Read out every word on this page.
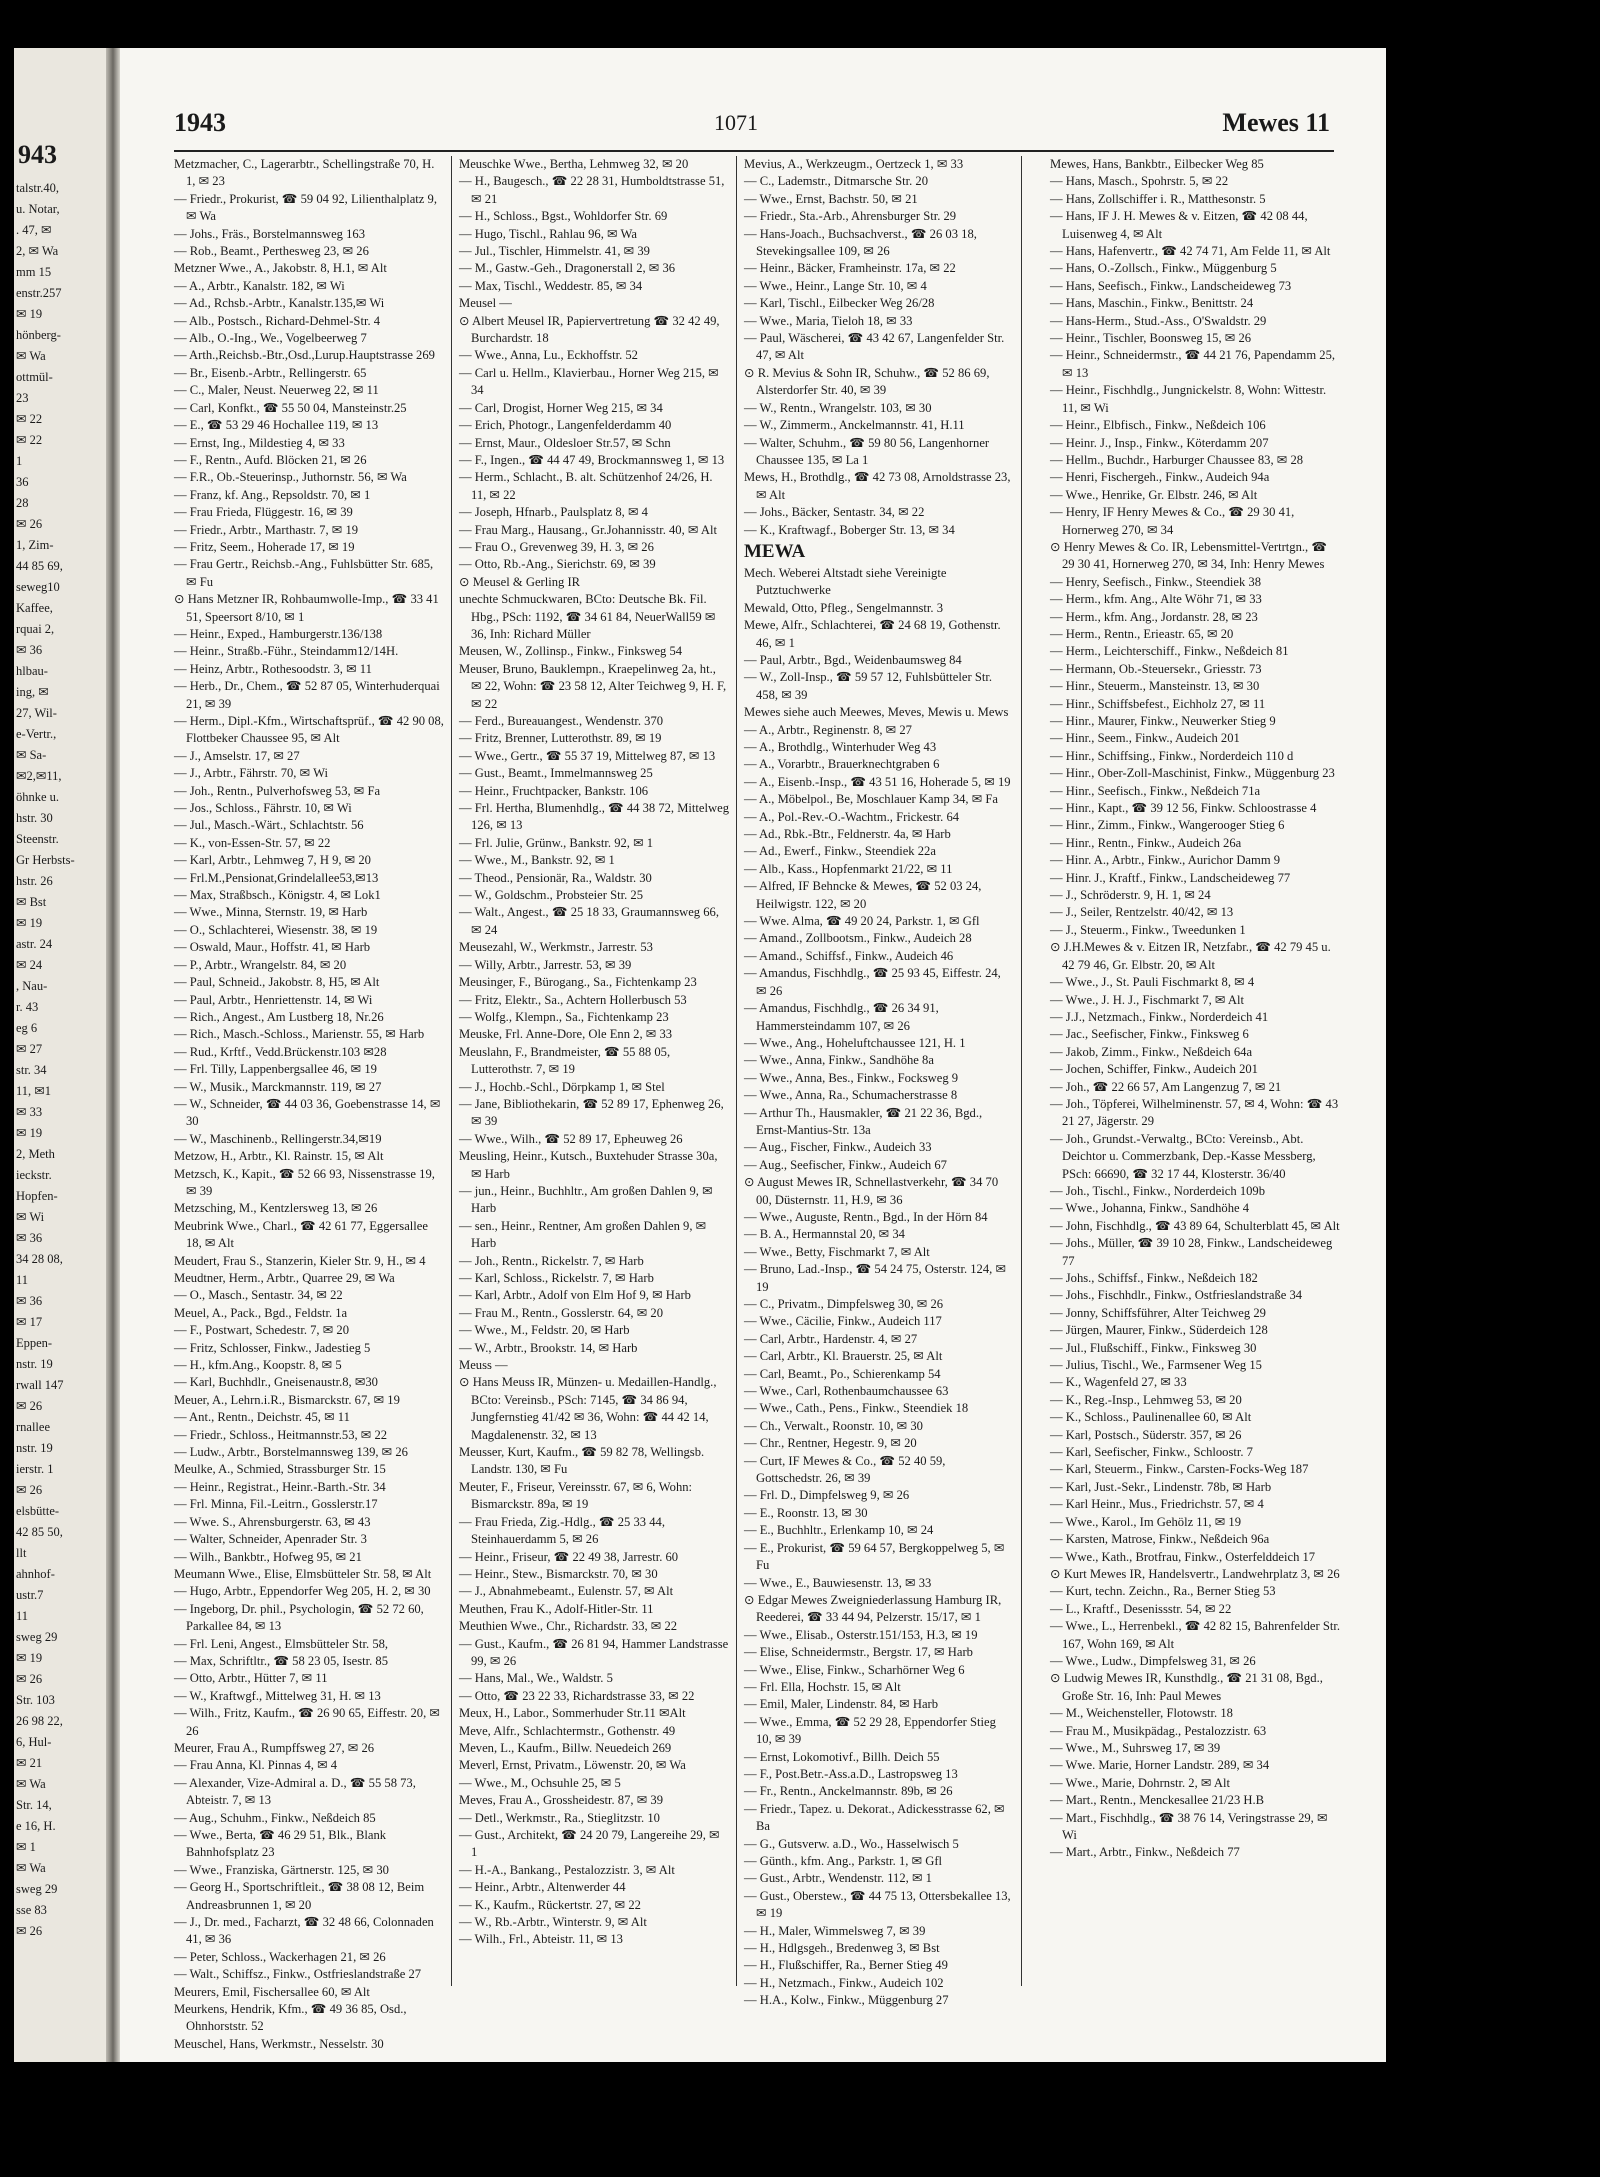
943
talstr.40,
u. Notar,
. 47, ✉
2, ✉ Wa
mm 15
enstr.257
✉ 19
hönberg-
✉ Wa
ottmül-
23
✉ 22
✉ 22
1
36
28
✉ 26
1, Zim-
44 85 69,
seweg10
Kaffee,
rquai 2,
✉ 36
hlbau-
ing, ✉
27, Wil-
e-Vertr.,
✉ Sa-
✉2,✉11,
öhnke u.
hstr. 30
Steenstr.
Gr Herbsts-
hstr. 26
✉ Bst
✉ 19
astr. 24
✉ 24
, Nau-
r. 43
eg 6
✉ 27
str. 34
11, ✉1
✉ 33
✉ 19
2, Meth
ieckstr.
Hopfen-
✉ Wi
✉ 36
34 28 08,
11
✉ 36
✉ 17
Eppen-
nstr. 19
rwall 147
✉ 26
rnallee
nstr. 19
ierstr. 1
✉ 26
elsbütte-
42 85 50,
llt
ahnhof-
ustr.7
11
sweg 29
✉ 19
✉ 26
Str. 103
26 98 22,
6, Hul-
✉ 21
✉ Wa
Str. 14,
e 16, H.
✉ 1
✉ Wa
sweg 29
sse 83
✉ 26
1943	1071	Mewes 11

Metzmacher, C., Lagerarbtr., Schellingstraße 70, H. 1, ✉ 23

— Friedr., Prokurist, ☎ 59 04 92, Lilienthalplatz 9, ✉ Wa

— Johs., Fräs., Borstelmannsweg 163

— Rob., Beamt., Perthesweg 23, ✉ 26

Metzner Wwe., A., Jakobstr. 8, H.1, ✉ Alt

— A., Arbtr., Kanalstr. 182, ✉ Wi

— Ad., Rchsb.-Arbtr., Kanalstr.135,✉ Wi

— Alb., Postsch., Richard-Dehmel-Str. 4

— Alb., O.-Ing., We., Vogelbeerweg 7

— Arth.,Reichsb.-Btr.,Osd.,Lurup.Hauptstrasse 269

— Br., Eisenb.-Arbtr., Rellingerstr. 65

— C., Maler, Neust. Neuerweg 22, ✉ 11

— Carl, Konfkt., ☎ 55 50 04, Mansteinstr.25

— E., ☎ 53 29 46 Hochallee 119, ✉ 13

— Ernst, Ing., Mildestieg 4, ✉ 33

— F., Rentn., Aufd. Blöcken 21, ✉ 26

— F.R., Ob.-Steuerinsp., Juthornstr. 56, ✉ Wa

— Franz, kf. Ang., Repsoldstr. 70, ✉ 1

— Frau Frieda, Flüggestr. 16, ✉ 39

— Friedr., Arbtr., Marthastr. 7, ✉ 19

— Fritz, Seem., Hoherade 17, ✉ 19

— Frau Gertr., Reichsb.-Ang., Fuhlsbütter Str. 685, ✉ Fu

⊙ Hans Metzner IR, Rohbaumwolle-Imp., ☎ 33 41 51, Speersort 8/10, ✉ 1

— Heinr., Exped., Hamburgerstr.136/138

— Heinr., Straßb.-Führ., Steindamm12/14H.

— Heinz, Arbtr., Rothesoodstr. 3, ✉ 11

— Herb., Dr., Chem., ☎ 52 87 05, Winterhuderquai 21, ✉ 39

— Herm., Dipl.-Kfm., Wirtschaftsprüf., ☎ 42 90 08, Flottbeker Chaussee 95, ✉ Alt

— J., Amselstr. 17, ✉ 27

— J., Arbtr., Fährstr. 70, ✉ Wi

— Joh., Rentn., Pulverhofsweg 53, ✉ Fa

— Jos., Schloss., Fährstr. 10, ✉ Wi

— Jul., Masch.-Wärt., Schlachtstr. 56

— K., von-Essen-Str. 57, ✉ 22

— Karl, Arbtr., Lehmweg 7, H 9, ✉ 20

— Frl.M.,Pensionat,Grindelallee53,✉13

— Max, Straßbsch., Königstr. 4, ✉ Lok1

— Wwe., Minna, Sternstr. 19, ✉ Harb

— O., Schlachterei, Wiesenstr. 38, ✉ 19

— Oswald, Maur., Hoffstr. 41, ✉ Harb

— P., Arbtr., Wrangelstr. 84, ✉ 20

— Paul, Schneid., Jakobstr. 8, H5, ✉ Alt

— Paul, Arbtr., Henriettenstr. 14, ✉ Wi

— Rich., Angest., Am Lustberg 18, Nr.26

— Rich., Masch.-Schloss., Marienstr. 55, ✉ Harb

— Rud., Krftf., Vedd.Brückenstr.103 ✉28

— Frl. Tilly, Lappenbergsallee 46, ✉ 19

— W., Musik., Marckmannstr. 119, ✉ 27

— W., Schneider, ☎ 44 03 36, Goebenstrasse 14, ✉ 30

— W., Maschinenb., Rellingerstr.34,✉19

Metzow, H., Arbtr., Kl. Rainstr. 15, ✉ Alt

Metzsch, K., Kapit., ☎ 52 66 93, Nissenstrasse 19, ✉ 39

Metzsching, M., Kentzlersweg 13, ✉ 26

Meubrink Wwe., Charl., ☎ 42 61 77, Eggersallee 18, ✉ Alt

Meudert, Frau S., Stanzerin, Kieler Str. 9, H., ✉ 4

Meudtner, Herm., Arbtr., Quarree 29, ✉ Wa

— O., Masch., Sentastr. 34, ✉ 22

Meuel, A., Pack., Bgd., Feldstr. 1a

— F., Postwart, Schedestr. 7, ✉ 20

— Fritz, Schlosser, Finkw., Jadestieg 5

— H., kfm.Ang., Koopstr. 8, ✉ 5

— Karl, Buchhdlr., Gneisenaustr.8, ✉30

Meuer, A., Lehrn.i.R., Bismarckstr. 67, ✉ 19

— Ant., Rentn., Deichstr. 45, ✉ 11

— Friedr., Schloss., Heitmannstr.53, ✉ 22

— Ludw., Arbtr., Borstelmannsweg 139, ✉ 26

Meulke, A., Schmied, Strassburger Str. 15

— Heinr., Registrat., Heinr.-Barth.-Str. 34

— Frl. Minna, Fil.-Leitrn., Gosslerstr.17

— Wwe. S., Ahrensburgerstr. 63, ✉ 43

— Walter, Schneider, Apenrader Str. 3

— Wilh., Bankbtr., Hofweg 95, ✉ 21

Meumann Wwe., Elise, Elmsbütteler Str. 58, ✉ Alt

— Hugo, Arbtr., Eppendorfer Weg 205, H. 2, ✉ 30

— Ingeborg, Dr. phil., Psychologin, ☎ 52 72 60, Parkallee 84, ✉ 13

— Frl. Leni, Angest., Elmsbütteler Str. 58,

— Max, Schriftltr., ☎ 58 23 05, Isestr. 85

— Otto, Arbtr., Hütter 7, ✉ 11

— W., Kraftwgf., Mittelweg 31, H. ✉ 13

— Wilh., Fritz, Kaufm., ☎ 26 90 65, Eiffestr. 20, ✉ 26

Meurer, Frau A., Rumpffsweg 27, ✉ 26

— Frau Anna, Kl. Pinnas 4, ✉ 4

— Alexander, Vize-Admiral a. D., ☎ 55 58 73, Abteistr. 7, ✉ 13

— Aug., Schuhm., Finkw., Neßdeich 85

— Wwe., Berta, ☎ 46 29 51, Blk., Blank Bahnhofsplatz 23

— Wwe., Franziska, Gärtnerstr. 125, ✉ 30

— Georg H., Sportschriftleit., ☎ 38 08 12, Beim Andreasbrunnen 1, ✉ 20

— J., Dr. med., Facharzt, ☎ 32 48 66, Colonnaden 41, ✉ 36

— Peter, Schloss., Wackerhagen 21, ✉ 26

— Walt., Schiffsz., Finkw., Ostfrieslandstraße 27

Meurers, Emil, Fischersallee 60, ✉ Alt

Meurkens, Hendrik, Kfm., ☎ 49 36 85, Osd., Ohnhorststr. 52

Meuschel, Hans, Werkmstr., Nesselstr. 30

Meuschke Wwe., Bertha, Lehmweg 32, ✉ 20

— H., Baugesch., ☎ 22 28 31, Humboldtstrasse 51, ✉ 21

— H., Schloss., Bgst., Wohldorfer Str. 69

— Hugo, Tischl., Rahlau 96, ✉ Wa

— Jul., Tischler, Himmelstr. 41, ✉ 39

— M., Gastw.-Geh., Dragonerstall 2, ✉ 36

— Max, Tischl., Weddestr. 85, ✉ 34

Meusel —

⊙ Albert Meusel IR, Papiervertretung ☎ 32 42 49, Burchardstr. 18

— Wwe., Anna, Lu., Eckhoffstr. 52

— Carl u. Hellm., Klavierbau., Horner Weg 215, ✉ 34

— Carl, Drogist, Horner Weg 215, ✉ 34

— Erich, Photogr., Langenfelderdamm 40

— Ernst, Maur., Oldesloer Str.57, ✉ Schn

— F., Ingen., ☎ 44 47 49, Brockmannsweg 1, ✉ 13

— Herm., Schlacht., B. alt. Schützenhof 24/26, H. 11, ✉ 22

— Joseph, Hfnarb., Paulsplatz 8, ✉ 4

— Frau Marg., Hausang., Gr.Johannisstr. 40, ✉ Alt

— Frau O., Grevenweg 39, H. 3, ✉ 26

— Otto, Rb.-Ang., Sierichstr. 69, ✉ 39

⊙ Meusel & Gerling IR

unechte Schmuckwaren, BCto: Deutsche Bk. Fil. Hbg., PSch: 1192, ☎ 34 61 84, NeuerWall59 ✉ 36, Inh: Richard Müller

Meusen, W., Zollinsp., Finkw., Finksweg 54

Meuser, Bruno, Bauklempn., Kraepelinweg 2a, ht., ✉ 22, Wohn: ☎ 23 58 12, Alter Teichweg 9, H. F, ✉ 22

— Ferd., Bureauangest., Wendenstr. 370

— Fritz, Brenner, Lutterothstr. 89, ✉ 19

— Wwe., Gertr., ☎ 55 37 19, Mittelweg 87, ✉ 13

— Gust., Beamt., Immelmannsweg 25

— Heinr., Fruchtpacker, Bankstr. 106

— Frl. Hertha, Blumenhdlg., ☎ 44 38 72, Mittelweg 126, ✉ 13

— Frl. Julie, Grünw., Bankstr. 92, ✉ 1

— Wwe., M., Bankstr. 92, ✉ 1

— Theod., Pensionär, Ra., Waldstr. 30

— W., Goldschm., Probsteier Str. 25

— Walt., Angest., ☎ 25 18 33, Graumannsweg 66, ✉ 24

Meusezahl, W., Werkmstr., Jarrestr. 53

— Willy, Arbtr., Jarrestr. 53, ✉ 39

Meusinger, F., Bürogang., Sa., Fichtenkamp 23

— Fritz, Elektr., Sa., Achtern Hollerbusch 53

— Wolfg., Klempn., Sa., Fichtenkamp 23

Meuske, Frl. Anne-Dore, Ole Enn 2, ✉ 33

Meuslahn, F., Brandmeister, ☎ 55 88 05, Lutterothstr. 7, ✉ 19

— J., Hochb.-Schl., Dörpkamp 1, ✉ Stel

— Jane, Bibliothekarin, ☎ 52 89 17, Ephenweg 26, ✉ 39

— Wwe., Wilh., ☎ 52 89 17, Epheuweg 26

Meusling, Heinr., Kutsch., Buxtehuder Strasse 30a, ✉ Harb

— jun., Heinr., Buchhltr., Am großen Dahlen 9, ✉ Harb

— sen., Heinr., Rentner, Am großen Dahlen 9, ✉ Harb

— Joh., Rentn., Rickelstr. 7, ✉ Harb

— Karl, Schloss., Rickelstr. 7, ✉ Harb

— Karl, Arbtr., Adolf von Elm Hof 9, ✉ Harb

— Frau M., Rentn., Gosslerstr. 64, ✉ 20

— Wwe., M., Feldstr. 20, ✉ Harb

— W., Arbtr., Brookstr. 14, ✉ Harb

Meuss —

⊙ Hans Meuss IR, Münzen- u. Medaillen-Handlg., BCto: Vereinsb., PSch: 7145, ☎ 34 86 94, Jungfernstieg 41/42 ✉ 36, Wohn: ☎ 44 42 14, Magdalenenstr. 32, ✉ 13

Meusser, Kurt, Kaufm., ☎ 59 82 78, Wellingsb. Landstr. 130, ✉ Fu

Meuter, F., Friseur, Vereinsstr. 67, ✉ 6, Wohn: Bismarckstr. 89a, ✉ 19

— Frau Frieda, Zig.-Hdlg., ☎ 25 33 44, Steinhauerdamm 5, ✉ 26

— Heinr., Friseur, ☎ 22 49 38, Jarrestr. 60

— Heinr., Stew., Bismarckstr. 70, ✉ 30

— J., Abnahmebeamt., Eulenstr. 57, ✉ Alt

Meuthen, Frau K., Adolf-Hitler-Str. 11

Meuthien Wwe., Chr., Richardstr. 33, ✉ 22

— Gust., Kaufm., ☎ 26 81 94, Hammer Landstrasse 99, ✉ 26

— Hans, Mal., We., Waldstr. 5

— Otto, ☎ 23 22 33, Richardstrasse 33, ✉ 22

Meux, H., Labor., Sommerhuder Str.11 ✉Alt

Meve, Alfr., Schlachtermstr., Gothenstr. 49

Meven, L., Kaufm., Billw. Neuedeich 269

Meverl, Ernst, Privatm., Löwenstr. 20, ✉ Wa

— Wwe., M., Ochsuhle 25, ✉ 5

Meves, Frau A., Grossheidestr. 87, ✉ 39

— Detl., Werkmstr., Ra., Stieglitzstr. 10

— Gust., Architekt, ☎ 24 20 79, Langereihe 29, ✉ 1

— H.-A., Bankang., Pestalozzistr. 3, ✉ Alt

— Heinr., Arbtr., Altenwerder 44

— K., Kaufm., Rückertstr. 27, ✉ 22

— W., Rb.-Arbtr., Winterstr. 9, ✉ Alt

— Wilh., Frl., Abteistr. 11, ✉ 13

Mevius, A., Werkzeugm., Oertzeck 1, ✉ 33

— C., Lademstr., Ditmarsche Str. 20

— Wwe., Ernst, Bachstr. 50, ✉ 21

— Friedr., Sta.-Arb., Ahrensburger Str. 29

— Hans-Joach., Buchsachverst., ☎ 26 03 18, Stevekingsallee 109, ✉ 26

— Heinr., Bäcker, Framheinstr. 17a, ✉ 22

— Wwe., Heinr., Lange Str. 10, ✉ 4

— Karl, Tischl., Eilbecker Weg 26/28

— Wwe., Maria, Tieloh 18, ✉ 33

— Paul, Wäscherei, ☎ 43 42 67, Langenfelder Str. 47, ✉ Alt

⊙ R. Mevius & Sohn IR, Schuhw., ☎ 52 86 69, Alsterdorfer Str. 40, ✉ 39

— W., Rentn., Wrangelstr. 103, ✉ 30

— W., Zimmerm., Anckelmannstr. 41, H.11

— Walter, Schuhm., ☎ 59 80 56, Langenhorner Chaussee 135, ✉ La 1

Mews, H., Brothdlg., ☎ 42 73 08, Arnoldstrasse 23, ✉ Alt

— Johs., Bäcker, Sentastr. 34, ✉ 22

— K., Kraftwagf., Boberger Str. 13, ✉ 34

MEWA

Mech. Weberei Altstadt siehe Vereinigte Putztuchwerke

Mewald, Otto, Pfleg., Sengelmannstr. 3

Mewe, Alfr., Schlachterei, ☎ 24 68 19, Gothenstr. 46, ✉ 1

— Paul, Arbtr., Bgd., Weidenbaumsweg 84

— W., Zoll-Insp., ☎ 59 57 12, Fuhlsbütteler Str. 458, ✉ 39

Mewes siehe auch Meewes, Meves, Mewis u. Mews

— A., Arbtr., Reginenstr. 8, ✉ 27

— A., Brothdlg., Winterhuder Weg 43

— A., Vorarbtr., Brauerknechtgraben 6

— A., Eisenb.-Insp., ☎ 43 51 16, Hoherade 5, ✉ 19

— A., Möbelpol., Be, Moschlauer Kamp 34, ✉ Fa

— A., Pol.-Rev.-O.-Wachtm., Frickestr. 64

— Ad., Rbk.-Btr., Feldnerstr. 4a, ✉ Harb

— Ad., Ewerf., Finkw., Steendiek 22a

— Alb., Kass., Hopfenmarkt 21/22, ✉ 11

— Alfred, IF Behncke & Mewes, ☎ 52 03 24, Heilwigstr. 122, ✉ 20

— Wwe. Alma, ☎ 49 20 24, Parkstr. 1, ✉ Gfl

— Amand., Zollbootsm., Finkw., Audeich 28

— Amand., Schiffsf., Finkw., Audeich 46

— Amandus, Fischhdlg., ☎ 25 93 45, Eiffestr. 24, ✉ 26

— Amandus, Fischhdlg., ☎ 26 34 91, Hammersteindamm 107, ✉ 26

— Wwe., Ang., Hoheluftchaussee 121, H. 1

— Wwe., Anna, Finkw., Sandhöhe 8a

— Wwe., Anna, Bes., Finkw., Focksweg 9

— Wwe., Anna, Ra., Schumacherstrasse 8

— Arthur Th., Hausmakler, ☎ 21 22 36, Bgd., Ernst-Mantius-Str. 13a

— Aug., Fischer, Finkw., Audeich 33

— Aug., Seefischer, Finkw., Audeich 67

⊙ August Mewes IR, Schnellastverkehr, ☎ 34 70 00, Düsternstr. 11, H.9, ✉ 36

— Wwe., Auguste, Rentn., Bgd., In der Hörn 84

— B. A., Hermannstal 20, ✉ 34

— Wwe., Betty, Fischmarkt 7, ✉ Alt

— Bruno, Lad.-Insp., ☎ 54 24 75, Osterstr. 124, ✉ 19

— C., Privatm., Dimpfelsweg 30, ✉ 26

— Wwe., Cäcilie, Finkw., Audeich 117

— Carl, Arbtr., Hardenstr. 4, ✉ 27

— Carl, Arbtr., Kl. Brauerstr. 25, ✉ Alt

— Carl, Beamt., Po., Schierenkamp 54

— Wwe., Carl, Rothenbaumchaussee 63

— Wwe., Cath., Pens., Finkw., Steendiek 18

— Ch., Verwalt., Roonstr. 10, ✉ 30

— Chr., Rentner, Hegestr. 9, ✉ 20

— Curt, IF Mewes & Co., ☎ 52 40 59, Gottschedstr. 26, ✉ 39

— Frl. D., Dimpfelsweg 9, ✉ 26

— E., Roonstr. 13, ✉ 30

— E., Buchhltr., Erlenkamp 10, ✉ 24

— E., Prokurist, ☎ 59 64 57, Bergkoppelweg 5, ✉ Fu

— Wwe., E., Bauwiesenstr. 13, ✉ 33

⊙ Edgar Mewes Zweigniederlassung Hamburg IR, Reederei, ☎ 33 44 94, Pelzerstr. 15/17, ✉ 1

— Wwe., Elisab., Osterstr.151/153, H.3, ✉ 19

— Elise, Schneidermstr., Bergstr. 17, ✉ Harb

— Wwe., Elise, Finkw., Scharhörner Weg 6

— Frl. Ella, Hochstr. 15, ✉ Alt

— Emil, Maler, Lindenstr. 84, ✉ Harb

— Wwe., Emma, ☎ 52 29 28, Eppendorfer Stieg 10, ✉ 39

— Ernst, Lokomotivf., Billh. Deich 55

— F., Post.Betr.-Ass.a.D., Lastropsweg 13

— Fr., Rentn., Anckelmannstr. 89b, ✉ 26

— Friedr., Tapez. u. Dekorat., Adickesstrasse 62, ✉ Ba

— G., Gutsverw. a.D., Wo., Hasselwisch 5

— Günth., kfm. Ang., Parkstr. 1, ✉ Gfl

— Gust., Arbtr., Wendenstr. 112, ✉ 1

— Gust., Oberstew., ☎ 44 75 13, Ottersbekallee 13, ✉ 19

— H., Maler, Wimmelsweg 7, ✉ 39

— H., Hdlgsgeh., Bredenweg 3, ✉ Bst

— H., Flußschiffer, Ra., Berner Stieg 49

— H., Netzmach., Finkw., Audeich 102

— H.A., Kolw., Finkw., Müggenburg 27

Mewes, Hans, Bankbtr., Eilbecker Weg 85

— Hans, Masch., Spohrstr. 5, ✉ 22

— Hans, Zollschiffer i. R., Matthesonstr. 5

— Hans, IF J. H. Mewes & v. Eitzen, ☎ 42 08 44, Luisenweg 4, ✉ Alt

— Hans, Hafenvertr., ☎ 42 74 71, Am Felde 11, ✉ Alt

— Hans, O.-Zollsch., Finkw., Müggenburg 5

— Hans, Seefisch., Finkw., Landscheideweg 73

— Hans, Maschin., Finkw., Benittstr. 24

— Hans-Herm., Stud.-Ass., O'Swaldstr. 29

— Heinr., Tischler, Boonsweg 15, ✉ 26

— Heinr., Schneidermstr., ☎ 44 21 76, Papendamm 25, ✉ 13

— Heinr., Fischhdlg., Jungnickelstr. 8, Wohn: Wittestr. 11, ✉ Wi

— Heinr., Elbfisch., Finkw., Neßdeich 106

— Heinr. J., Insp., Finkw., Köterdamm 207

— Hellm., Buchdr., Harburger Chaussee 83, ✉ 28

— Henri, Fischergeh., Finkw., Audeich 94a

— Wwe., Henrike, Gr. Elbstr. 246, ✉ Alt

— Henry, IF Henry Mewes & Co., ☎ 29 30 41, Hornerweg 270, ✉ 34

⊙ Henry Mewes & Co. IR, Lebensmittel-Vertrtgn., ☎ 29 30 41, Hornerweg 270, ✉ 34, Inh: Henry Mewes

— Henry, Seefisch., Finkw., Steendiek 38

— Herm., kfm. Ang., Alte Wöhr 71, ✉ 33

— Herm., kfm. Ang., Jordanstr. 28, ✉ 23

— Herm., Rentn., Erieastr. 65, ✉ 20

— Herm., Leichterschiff., Finkw., Neßdeich 81

— Hermann, Ob.-Steuersekr., Griesstr. 73

— Hinr., Steuerm., Mansteinstr. 13, ✉ 30

— Hinr., Schiffsbefest., Eichholz 27, ✉ 11

— Hinr., Maurer, Finkw., Neuwerker Stieg 9

— Hinr., Seem., Finkw., Audeich 201

— Hinr., Schiffsing., Finkw., Norderdeich 110 d

— Hinr., Ober-Zoll-Maschinist, Finkw., Müggenburg 23

— Hinr., Seefisch., Finkw., Neßdeich 71a

— Hinr., Kapt., ☎ 39 12 56, Finkw. Schloostrasse 4

— Hinr., Zimm., Finkw., Wangerooger Stieg 6

— Hinr., Rentn., Finkw., Audeich 26a

— Hinr. A., Arbtr., Finkw., Aurichor Damm 9

— Hinr. J., Kraftf., Finkw., Landscheideweg 77

— J., Schröderstr. 9, H. 1, ✉ 24

— J., Seiler, Rentzelstr. 40/42, ✉ 13

— J., Steuerm., Finkw., Tweedunken 1

⊙ J.H.Mewes & v. Eitzen IR, Netzfabr., ☎ 42 79 45 u. 42 79 46, Gr. Elbstr. 20, ✉ Alt

— Wwe., J., St. Pauli Fischmarkt 8, ✉ 4

— Wwe., J. H. J., Fischmarkt 7, ✉ Alt

— J.J., Netzmach., Finkw., Norderdeich 41

— Jac., Seefischer, Finkw., Finksweg 6

— Jakob, Zimm., Finkw., Neßdeich 64a

— Jochen, Schiffer, Finkw., Audeich 201

— Joh., ☎ 22 66 57, Am Langenzug 7, ✉ 21

— Joh., Töpferei, Wilhelminenstr. 57, ✉ 4, Wohn: ☎ 43 21 27, Jägerstr. 29

— Joh., Grundst.-Verwaltg., BCto: Vereinsb., Abt. Deichtor u. Commerzbank, Dep.-Kasse Messberg, PSch: 66690, ☎ 32 17 44, Klosterstr. 36/40

— Joh., Tischl., Finkw., Norderdeich 109b

— Wwe., Johanna, Finkw., Sandhöhe 4

— John, Fischhdlg., ☎ 43 89 64, Schulterblatt 45, ✉ Alt

— Johs., Müller, ☎ 39 10 28, Finkw., Landscheideweg 77

— Johs., Schiffsf., Finkw., Neßdeich 182

— Johs., Fischhdlr., Finkw., Ostfrieslandstraße 34

— Jonny, Schiffsführer, Alter Teichweg 29

— Jürgen, Maurer, Finkw., Süderdeich 128

— Jul., Flußschiff., Finkw., Finksweg 30

— Julius, Tischl., We., Farmsener Weg 15

— K., Wagenfeld 27, ✉ 33

— K., Reg.-Insp., Lehmweg 53, ✉ 20

— K., Schloss., Paulinenallee 60, ✉ Alt

— Karl, Postsch., Süderstr. 357, ✉ 26

— Karl, Seefischer, Finkw., Schloostr. 7

— Karl, Steuerm., Finkw., Carsten-Focks-Weg 187

— Karl, Just.-Sekr., Lindenstr. 78b, ✉ Harb

— Karl Heinr., Mus., Friedrichstr. 57, ✉ 4

— Wwe., Karol., Im Gehölz 11, ✉ 19

— Karsten, Matrose, Finkw., Neßdeich 96a

— Wwe., Kath., Brotfrau, Finkw., Osterfelddeich 17

⊙ Kurt Mewes IR, Handelsvertr., Landwehrplatz 3, ✉ 26

— Kurt, techn. Zeichn., Ra., Berner Stieg 53

— L., Kraftf., Desenissstr. 54, ✉ 22

— Wwe., L., Herrenbekl., ☎ 42 82 15, Bahrenfelder Str. 167, Wohn 169, ✉ Alt

— Wwe., Ludw., Dimpfelsweg 31, ✉ 26

⊙ Ludwig Mewes IR, Kunsthdlg., ☎ 21 31 08, Bgd., Große Str. 16, Inh: Paul Mewes

— M., Weichensteller, Flotowstr. 18

— Frau M., Musikpädag., Pestalozzistr. 63

— Wwe., M., Suhrsweg 17, ✉ 39

— Wwe. Marie, Horner Landstr. 289, ✉ 34

— Wwe., Marie, Dohrnstr. 2, ✉ Alt

— Mart., Rentn., Menckesallee 21/23 H.B

— Mart., Fischhdlg., ☎ 38 76 14, Veringstrasse 29, ✉ Wi

— Mart., Arbtr., Finkw., Neßdeich 77
